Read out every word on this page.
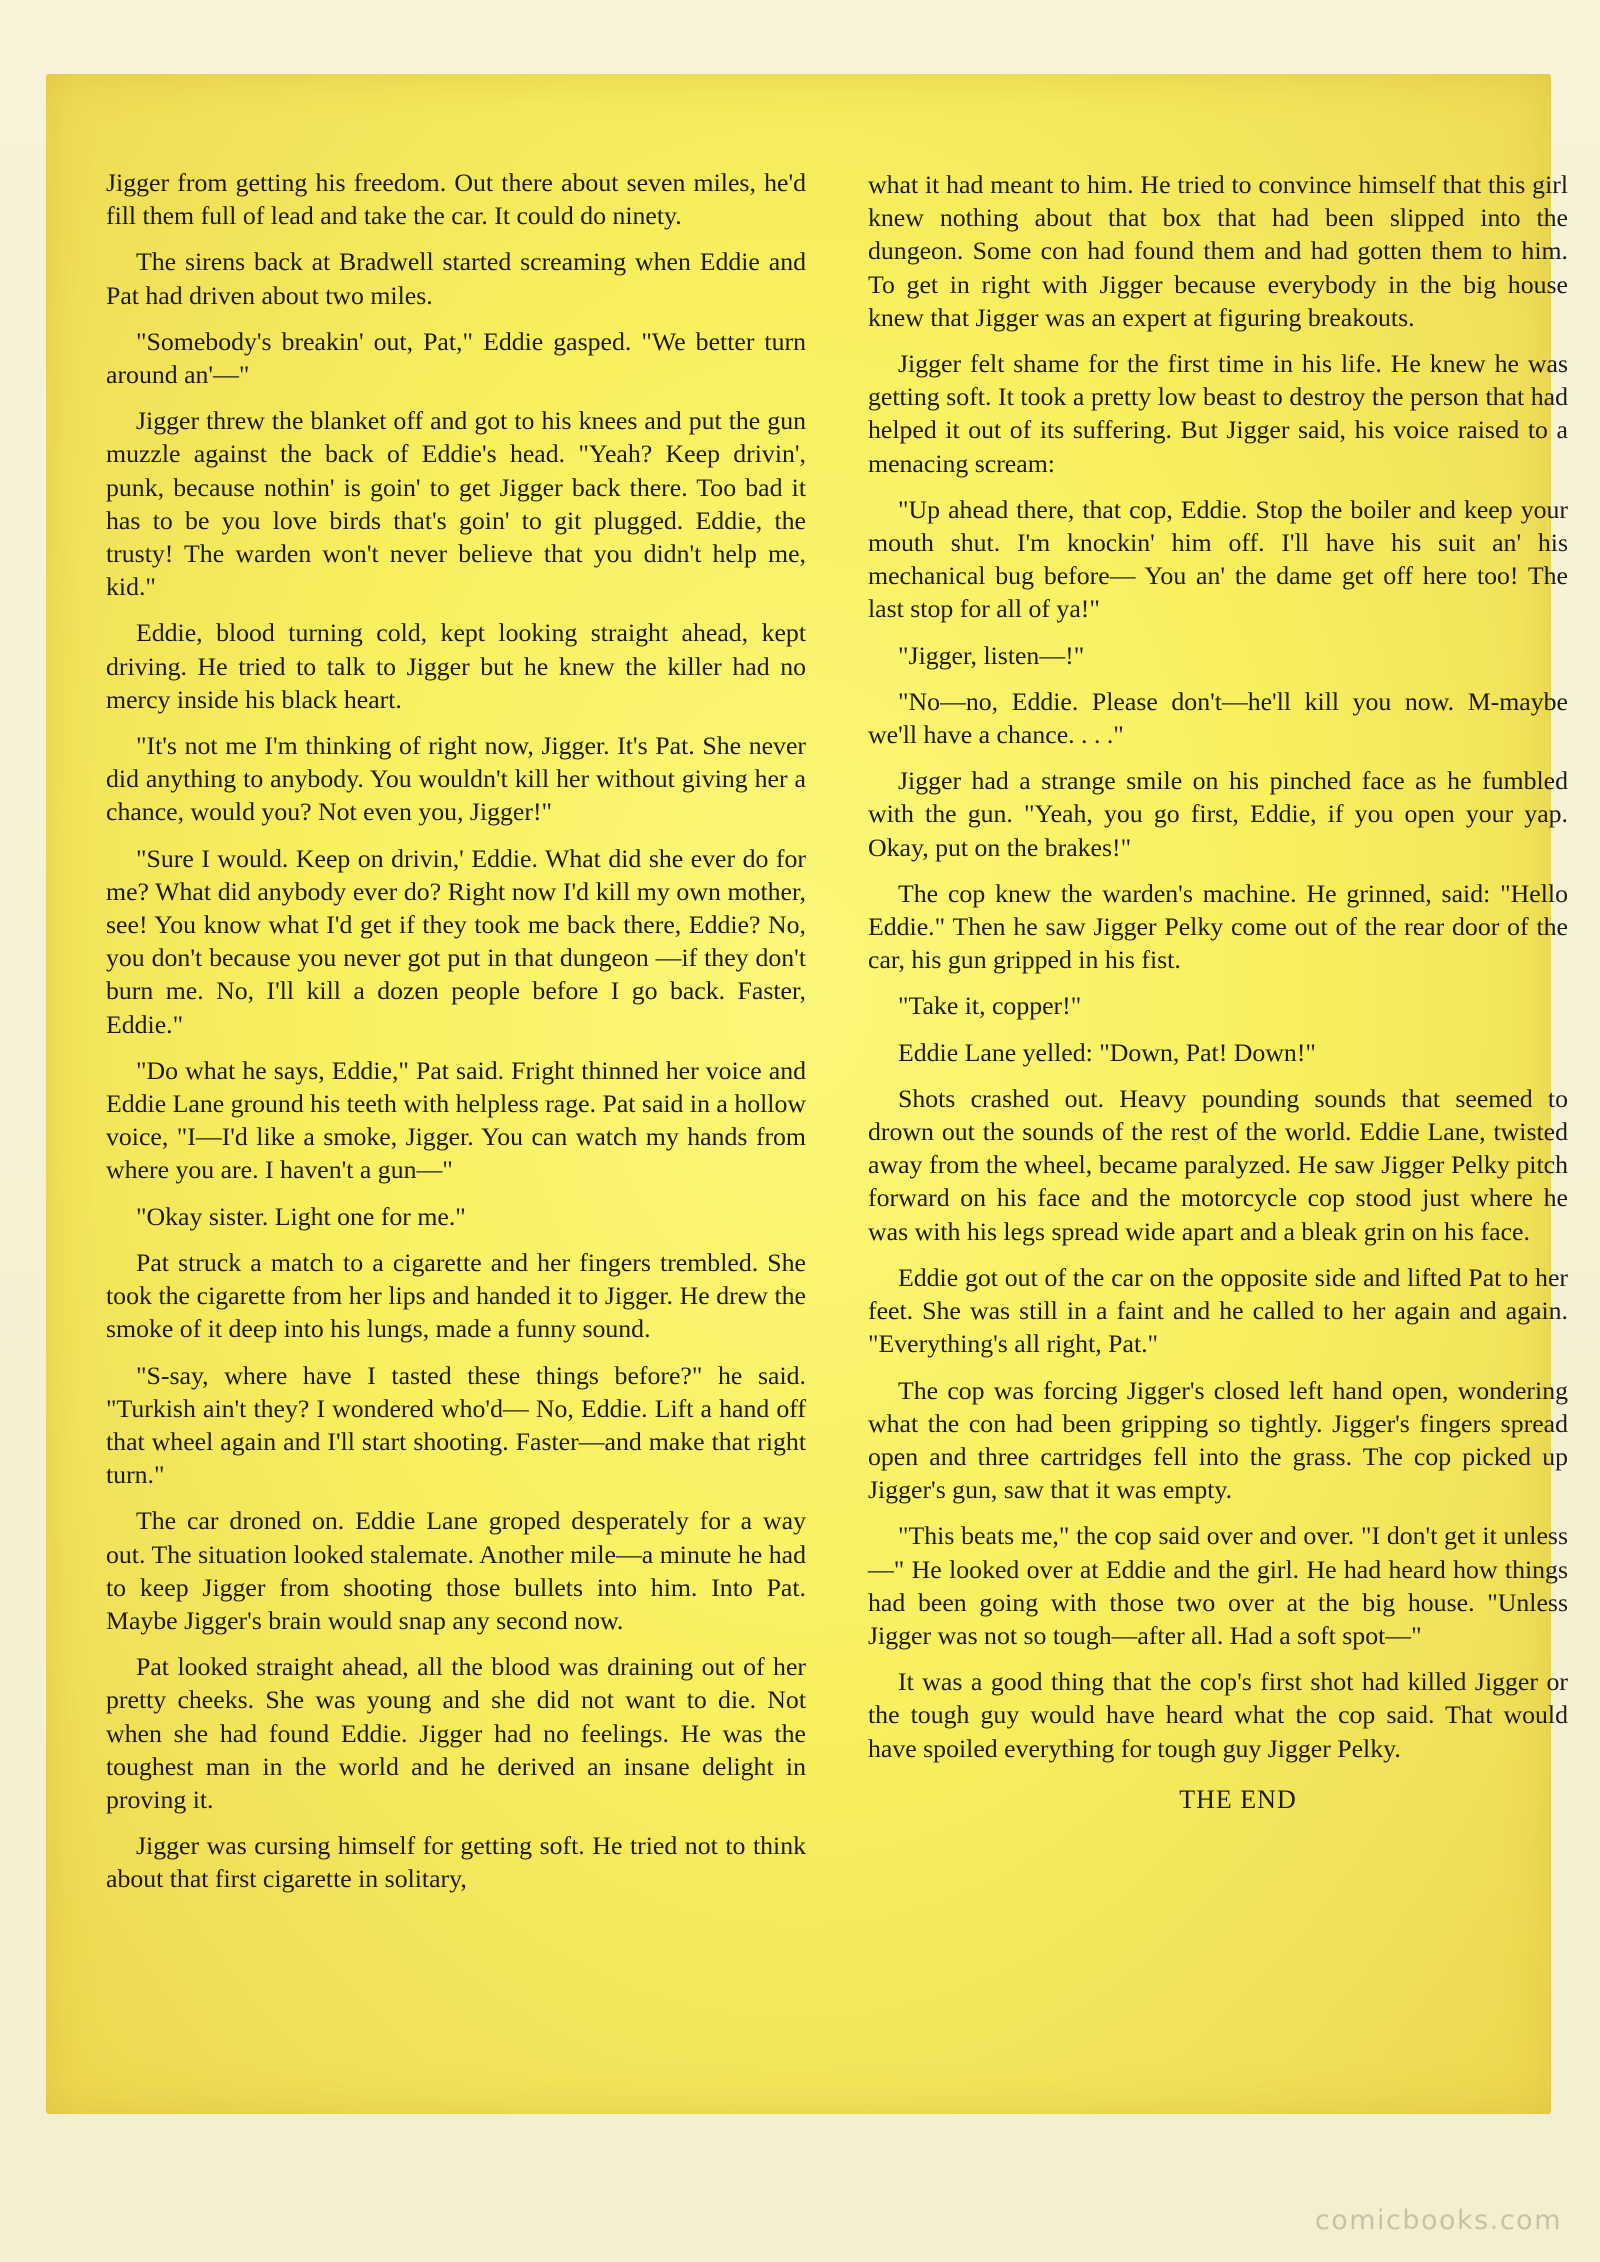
Jigger from getting his freedom. Out there about seven miles, he'd fill them full of lead and take the car. It could do ninety.

The sirens back at Bradwell started screaming when Eddie and Pat had driven about two miles.

"Somebody's breakin' out, Pat," Eddie gasped. "We better turn around an'—"

Jigger threw the blanket off and got to his knees and put the gun muzzle against the back of Eddie's head. "Yeah? Keep drivin', punk, because nothin' is goin' to get Jigger back there. Too bad it has to be you love birds that's goin' to git plugged. Eddie, the trusty! The warden won't never believe that you didn't help me, kid."

Eddie, blood turning cold, kept looking straight ahead, kept driving. He tried to talk to Jigger but he knew the killer had no mercy inside his black heart.

"It's not me I'm thinking of right now, Jigger. It's Pat. She never did anything to anybody. You wouldn't kill her without giving her a chance, would you? Not even you, Jigger!"

"Sure I would. Keep on drivin,' Eddie. What did she ever do for me? What did anybody ever do? Right now I'd kill my own mother, see! You know what I'd get if they took me back there, Eddie? No, you don't because you never got put in that dungeon —if they don't burn me. No, I'll kill a dozen people before I go back. Faster, Eddie."

"Do what he says, Eddie," Pat said. Fright thinned her voice and Eddie Lane ground his teeth with helpless rage. Pat said in a hollow voice, "I—I'd like a smoke, Jigger. You can watch my hands from where you are. I haven't a gun—"

"Okay sister. Light one for me."

Pat struck a match to a cigarette and her fingers trembled. She took the cigarette from her lips and handed it to Jigger. He drew the smoke of it deep into his lungs, made a funny sound.

"S-say, where have I tasted these things before?" he said. "Turkish ain't they? I wondered who'd— No, Eddie. Lift a hand off that wheel again and I'll start shooting. Faster—and make that right turn."

The car droned on. Eddie Lane groped desperately for a way out. The situation looked stalemate. Another mile—a minute he had to keep Jigger from shooting those bullets into him. Into Pat. Maybe Jigger's brain would snap any second now.

Pat looked straight ahead, all the blood was draining out of her pretty cheeks. She was young and she did not want to die. Not when she had found Eddie. Jigger had no feelings. He was the toughest man in the world and he derived an insane delight in proving it.

Jigger was cursing himself for getting soft. He tried not to think about that first cigarette in solitary,

what it had meant to him. He tried to convince himself that this girl knew nothing about that box that had been slipped into the dungeon. Some con had found them and had gotten them to him. To get in right with Jigger because everybody in the big house knew that Jigger was an expert at figuring breakouts.

Jigger felt shame for the first time in his life. He knew he was getting soft. It took a pretty low beast to destroy the person that had helped it out of its suffering. But Jigger said, his voice raised to a menacing scream:

"Up ahead there, that cop, Eddie. Stop the boiler and keep your mouth shut. I'm knockin' him off. I'll have his suit an' his mechanical bug before— You an' the dame get off here too! The last stop for all of ya!"

"Jigger, listen—!"

"No—no, Eddie. Please don't—he'll kill you now. M-maybe we'll have a chance. . . ."

Jigger had a strange smile on his pinched face as he fumbled with the gun. "Yeah, you go first, Eddie, if you open your yap. Okay, put on the brakes!"

The cop knew the warden's machine. He grinned, said: "Hello Eddie." Then he saw Jigger Pelky come out of the rear door of the car, his gun gripped in his fist.

"Take it, copper!"

Eddie Lane yelled: "Down, Pat! Down!"

Shots crashed out. Heavy pounding sounds that seemed to drown out the sounds of the rest of the world. Eddie Lane, twisted away from the wheel, became paralyzed. He saw Jigger Pelky pitch forward on his face and the motorcycle cop stood just where he was with his legs spread wide apart and a bleak grin on his face.

Eddie got out of the car on the opposite side and lifted Pat to her feet. She was still in a faint and he called to her again and again. "Everything's all right, Pat."

The cop was forcing Jigger's closed left hand open, wondering what the con had been gripping so tightly. Jigger's fingers spread open and three cartridges fell into the grass. The cop picked up Jigger's gun, saw that it was empty.

"This beats me," the cop said over and over. "I don't get it unless—" He looked over at Eddie and the girl. He had heard how things had been going with those two over at the big house. "Unless Jigger was not so tough—after all. Had a soft spot—"

It was a good thing that the cop's first shot had killed Jigger or the tough guy would have heard what the cop said. That would have spoiled everything for tough guy Jigger Pelky.

THE END

comicbooks.com
